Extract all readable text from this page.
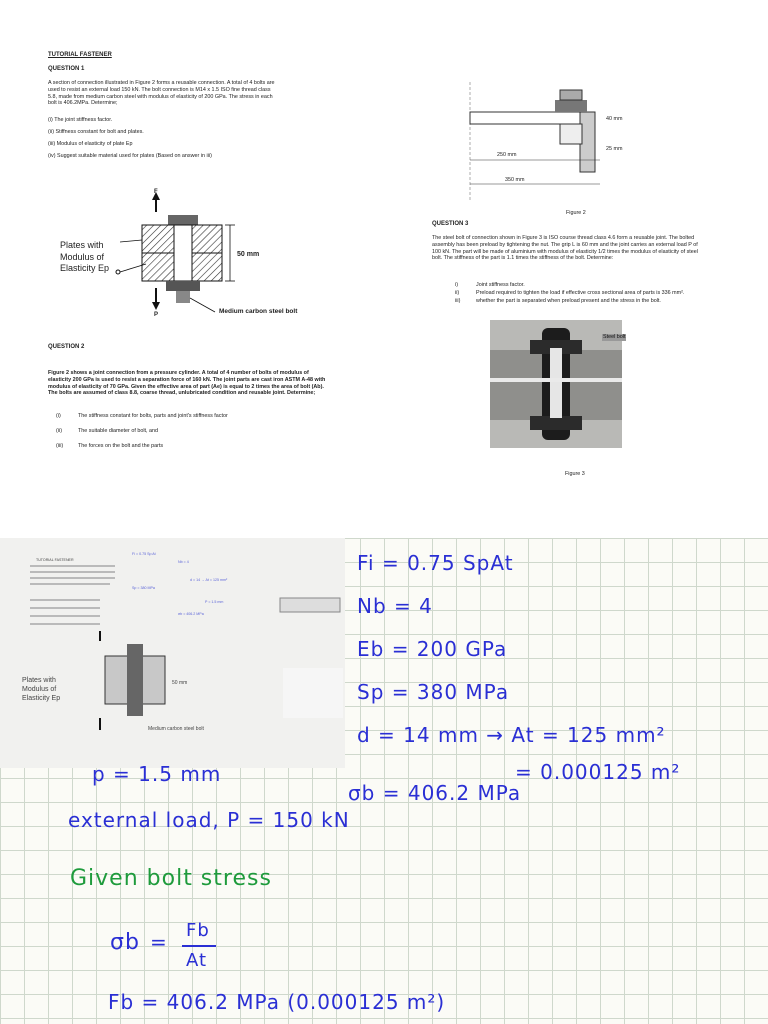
TUTORIAL FASTENER
QUESTION 1
A section of connection illustrated in Figure 2 forms a reusable connection. A total of 4 bolts are used to resist an external load 150 kN. The bolt connection is M14 x 1.5 ISO fine thread class 5.8, made from medium carbon steel with modulus of elasticity of 200 GPa. The stress in each bolt is 406.2MPa. Determine;
(i) The joint stiffness factor.
(ii) Stiffness constant for bolt and plates.
(iii) Modulus of elasticity of plate Ep
(iv) Suggest suitable material used for plates (Based on answer in iii)
F
P
Plates with Modulus of Elasticity Ep
50 mm
Medium carbon steel bolt
QUESTION 2
Figure 2 shows a joint connection from a pressure cylinder. A total of 4 number of bolts of modulus of elasticity 200 GPa is used to resist a separation force of 160 kN. The joint parts are cast iron ASTM A-48 with modulus of elasticity of 70 GPa. Given the effective area of part (Ae) is equal to 2 times the area of bolt (Ab). The bolts are assumed of class 8.8, coarse thread, unlubricated condition and reusable joint. Determine;
(i)	The stiffness constant for bolts, parts and joint's stiffness factor
(ii)	The suitable diameter of bolt, and
(iii)	The forces on the bolt and the parts
40 mm
25 mm
250 mm
350 mm
Figure 2
QUESTION 3
The steel bolt of connection shown in Figure 3 is ISO course thread class 4.6 form a reusable joint. The bolted assembly has been preload by tightening the nut. The grip L is 60 mm and the joint carries an external load P of 100 kN. The part will be made of aluminium with modulus of elasticity 1/2 times the modulus of elasticity of steel bolt. The stiffness of the part is 1.1 times the stiffness of the bolt. Determine:
i)	Joint stiffness factor.
ii)	Preload required to tighten the load if effective cross sectional area of parts is 336 mm².
iii)	whether the part is separated when preload present and the stress in the bolt.
Steel bolt
Figure 3
TUTORIAL FASTENER
Fi = 0.75 Sp At
Nb = 4
Sp = 380 MPa
d = 14 → At = 125 mm²
P = 1.5 mm
σb = 406.2 MPa
Plates with Modulus of Elasticity Ep
50 mm
Medium carbon steel bolt
Fi = 0.75 SpAt
Nb = 4
Eb = 200 GPa
Sp = 380 MPa
d = 14 mm → At = 125 mm²
= 0.000125 m²
σb = 406.2 MPa
p = 1.5 mm
external load, P = 150 kN
Given bolt stress
σb = Fb
At
Fb = 406.2 MPa (0.000125 m²)
